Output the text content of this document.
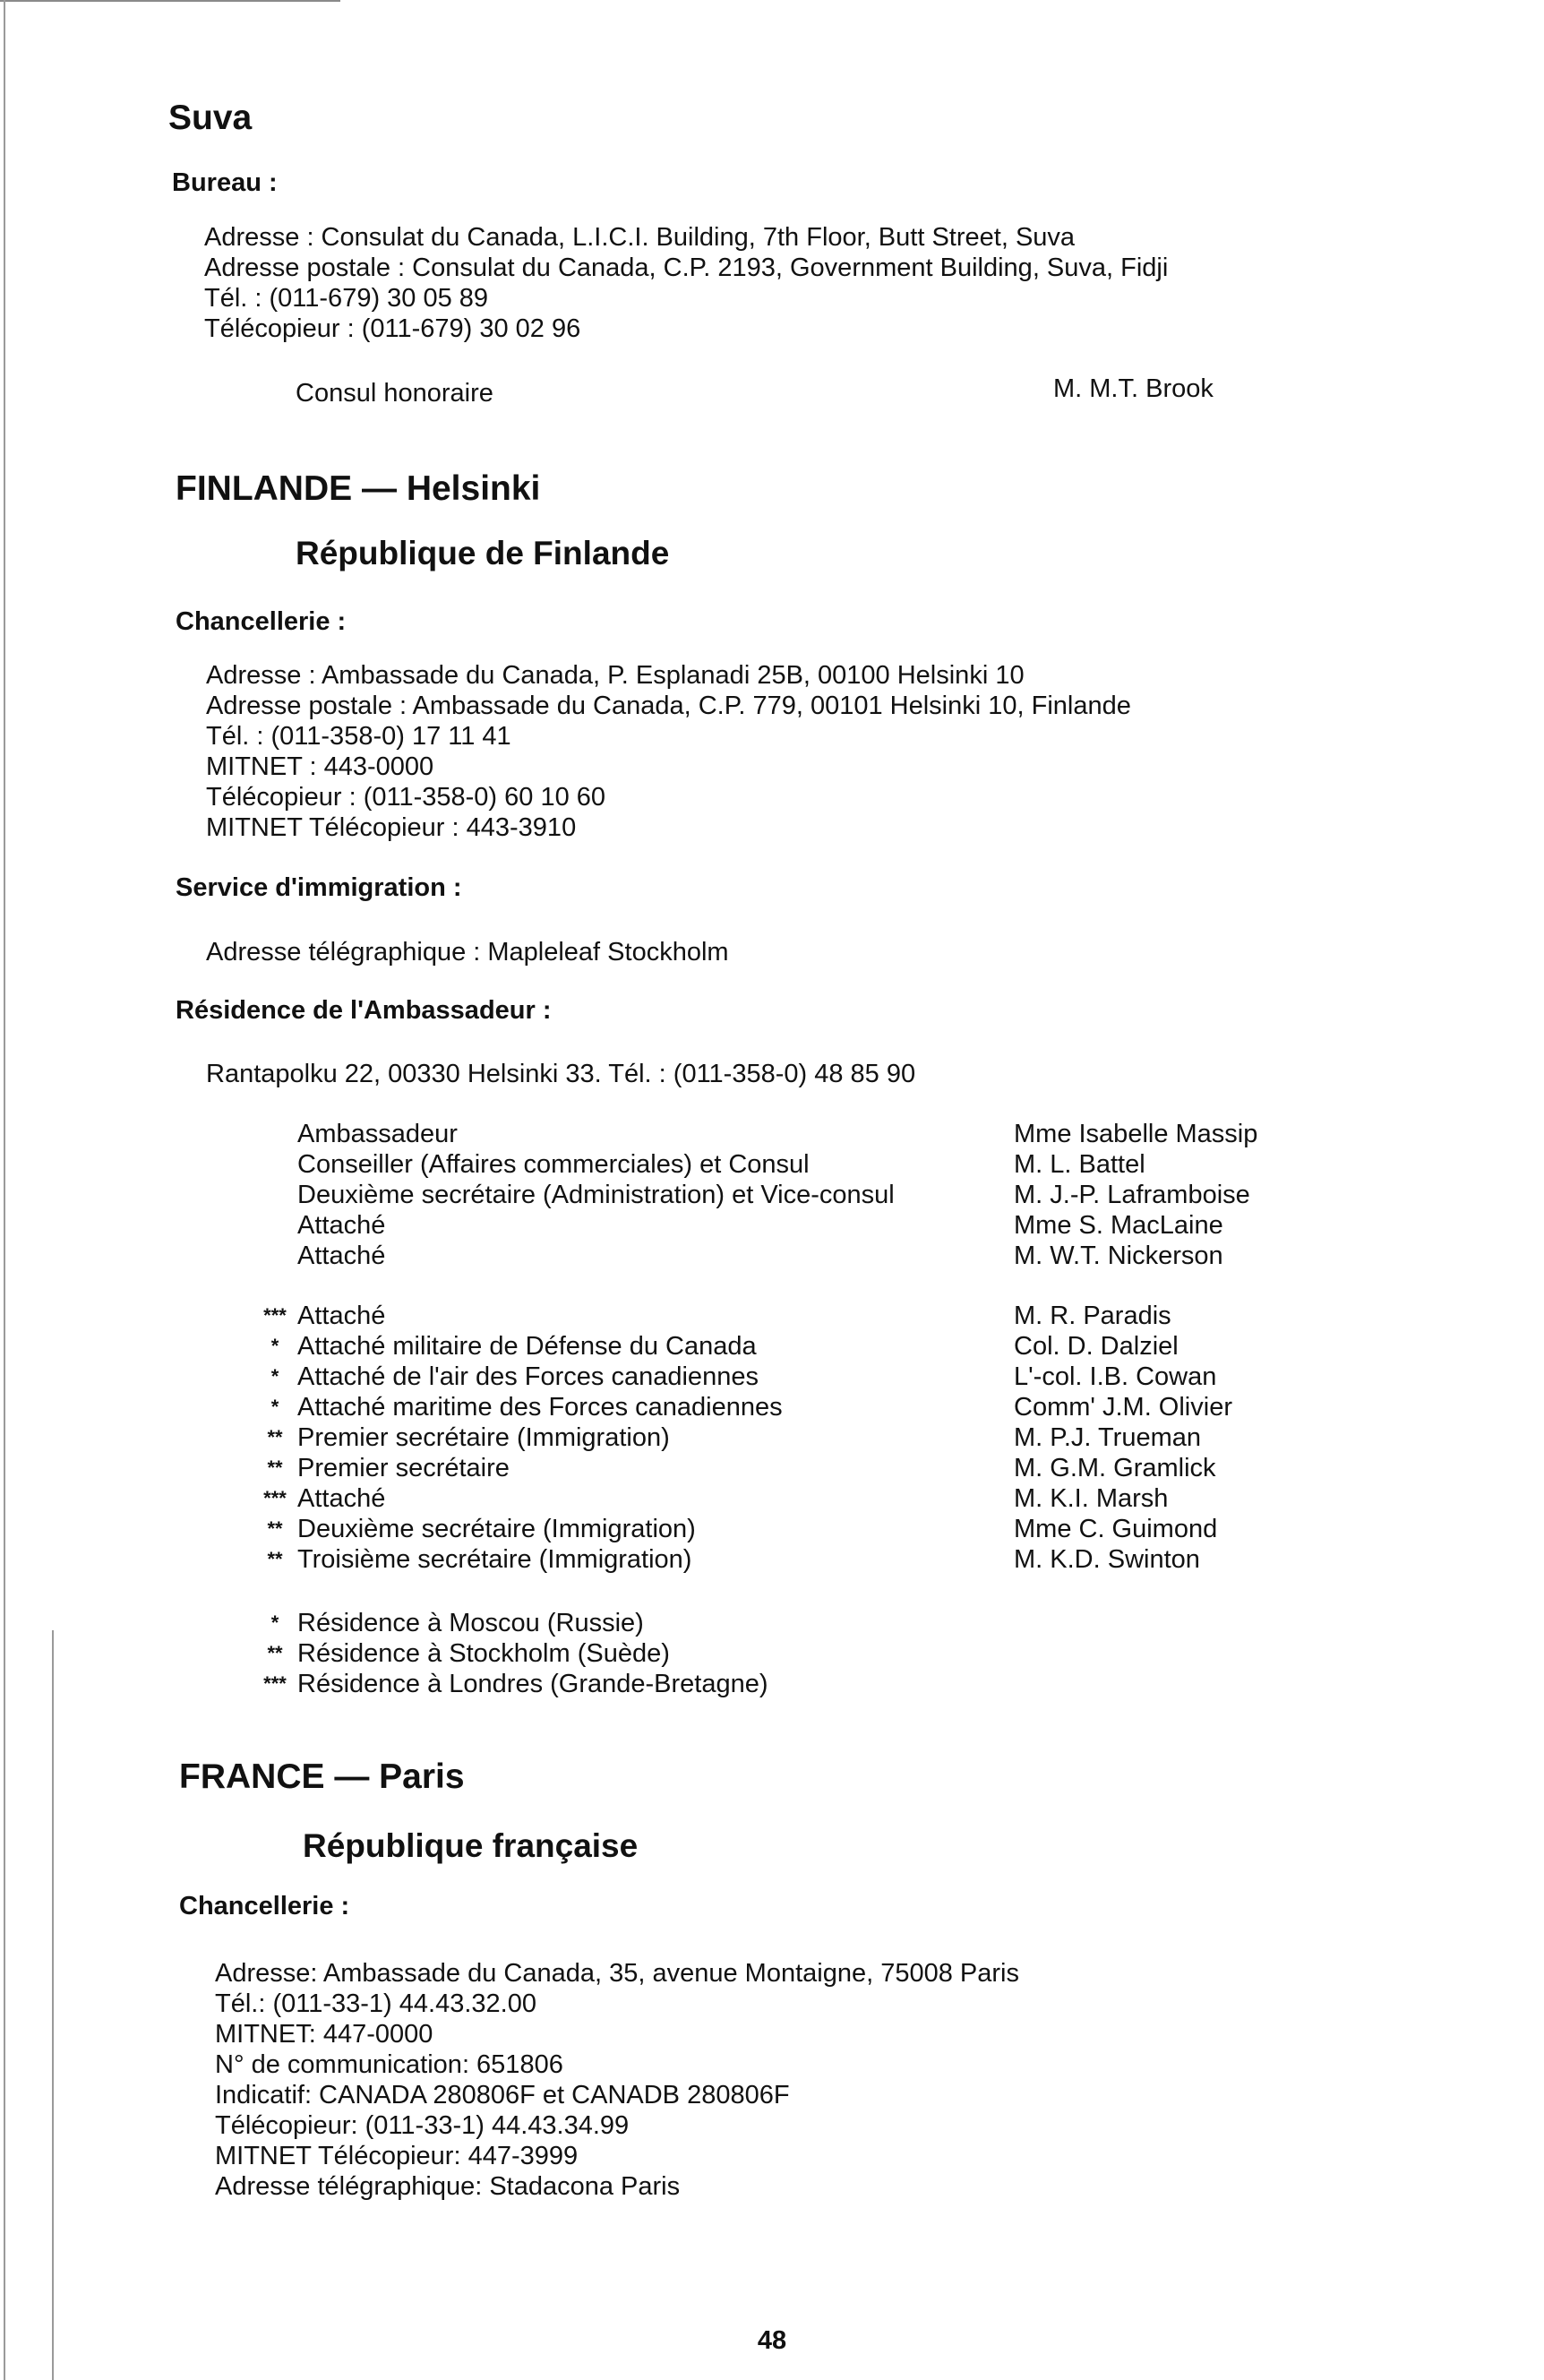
Suva
Bureau :
Adresse : Consulat du Canada, L.I.C.I. Building, 7th Floor, Butt Street, Suva
Adresse postale : Consulat du Canada, C.P. 2193, Government Building, Suva, Fidji
Tél. : (011-679) 30 05 89
Télécopieur : (011-679) 30 02 96
Consul honoraire	M. M.T. Brook
FINLANDE — Helsinki
République de Finlande
Chancellerie :
Adresse : Ambassade du Canada, P. Esplanadi 25B, 00100 Helsinki 10
Adresse postale : Ambassade du Canada, C.P. 779, 00101 Helsinki 10, Finlande
Tél. : (011-358-0) 17 11 41
MITNET : 443-0000
Télécopieur : (011-358-0) 60 10 60
MITNET Télécopieur : 443-3910
Service d'immigration :
Adresse télégraphique : Mapleleaf Stockholm
Résidence de l'Ambassadeur :
Rantapolku 22, 00330 Helsinki 33. Tél. : (011-358-0) 48 85 90
Ambassadeur	Mme Isabelle Massip
Conseiller (Affaires commerciales) et Consul	M. L. Battel
Deuxième secrétaire (Administration) et Vice-consul	M. J.-P. Laframboise
Attaché	Mme S. MacLaine
Attaché	M. W.T. Nickerson
*** Attaché	M. R. Paradis
* Attaché militaire de Défense du Canada	Col. D. Dalziel
* Attaché de l'air des Forces canadiennes	L'-col. I.B. Cowan
* Attaché maritime des Forces canadiennes	Comm' J.M. Olivier
** Premier secrétaire (Immigration)	M. P.J. Trueman
** Premier secrétaire	M. G.M. Gramlick
*** Attaché	M. K.I. Marsh
** Deuxième secrétaire (Immigration)	Mme C. Guimond
** Troisième secrétaire (Immigration)	M. K.D. Swinton
* Résidence à Moscou (Russie)
** Résidence à Stockholm (Suède)
*** Résidence à Londres (Grande-Bretagne)
FRANCE — Paris
République française
Chancellerie :
Adresse: Ambassade du Canada, 35, avenue Montaigne, 75008 Paris
Tél.: (011-33-1) 44.43.32.00
MITNET: 447-0000
N° de communication: 651806
Indicatif: CANADA 280806F et CANADB 280806F
Télécopieur: (011-33-1) 44.43.34.99
MITNET Télécopieur: 447-3999
Adresse télégraphique: Stadacona Paris
48
